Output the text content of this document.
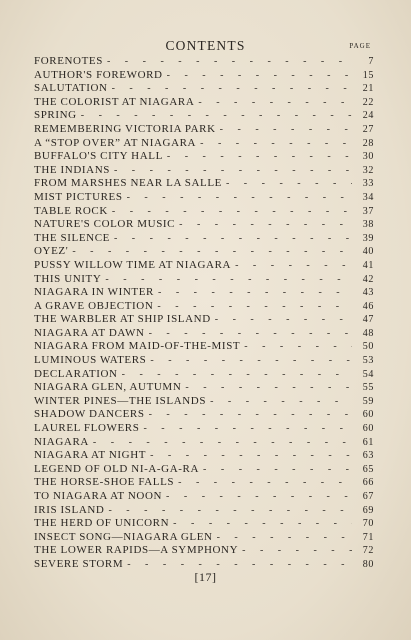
CONTENTS	PAGE
FORENOTES - - -	7
AUTHOR'S FOREWORD - - -	15
SALUTATION - - -	21
THE COLORIST AT NIAGARA - - -	22
SPRING - - -	24
REMEMBERING VICTORIA PARK - - -	27
A “STOP OVER” AT NIAGARA - - -	28
BUFFALO'S CITY HALL - - -	30
THE INDIANS - - -	32
FROM MARSHES NEAR LA SALLE - - -	33
MIST PICTURES - - -	34
TABLE ROCK - - -	37
NATURE'S COLOR MUSIC - - -	38
THE SILENCE - - -	39
OYEZ' - - -	40
PUSSY WILLOW TIME AT NIAGARA - - -	41
THIS UNITY - - -	42
NIAGARA IN WINTER - - -	43
A GRAVE OBJECTION - - -	46
THE WARBLER AT SHIP ISLAND - - -	47
NIAGARA AT DAWN - - -	48
NIAGARA FROM MAID-OF-THE-MIST - - -	50
LUMINOUS WATERS - - -	53
DECLARATION - - -	54
NIAGARA GLEN, AUTUMN - - -	55
WINTER PINES—THE ISLANDS - - -	59
SHADOW DANCERS - - -	60
LAUREL FLOWERS - - -	60
NIAGARA - - -	61
NIAGARA AT NIGHT - - -	63
LEGEND OF OLD NI-A-GA-RA - - -	65
THE HORSE-SHOE FALLS - - -	66
TO NIAGARA AT NOON - - -	67
IRIS ISLAND - - -	69
THE HERD OF UNICORN - - -	70
INSECT SONG—NIAGARA GLEN - - -	71
THE LOWER RAPIDS—A SYMPHONY - - -	72
SEVERE STORM - - -	80
[17]
